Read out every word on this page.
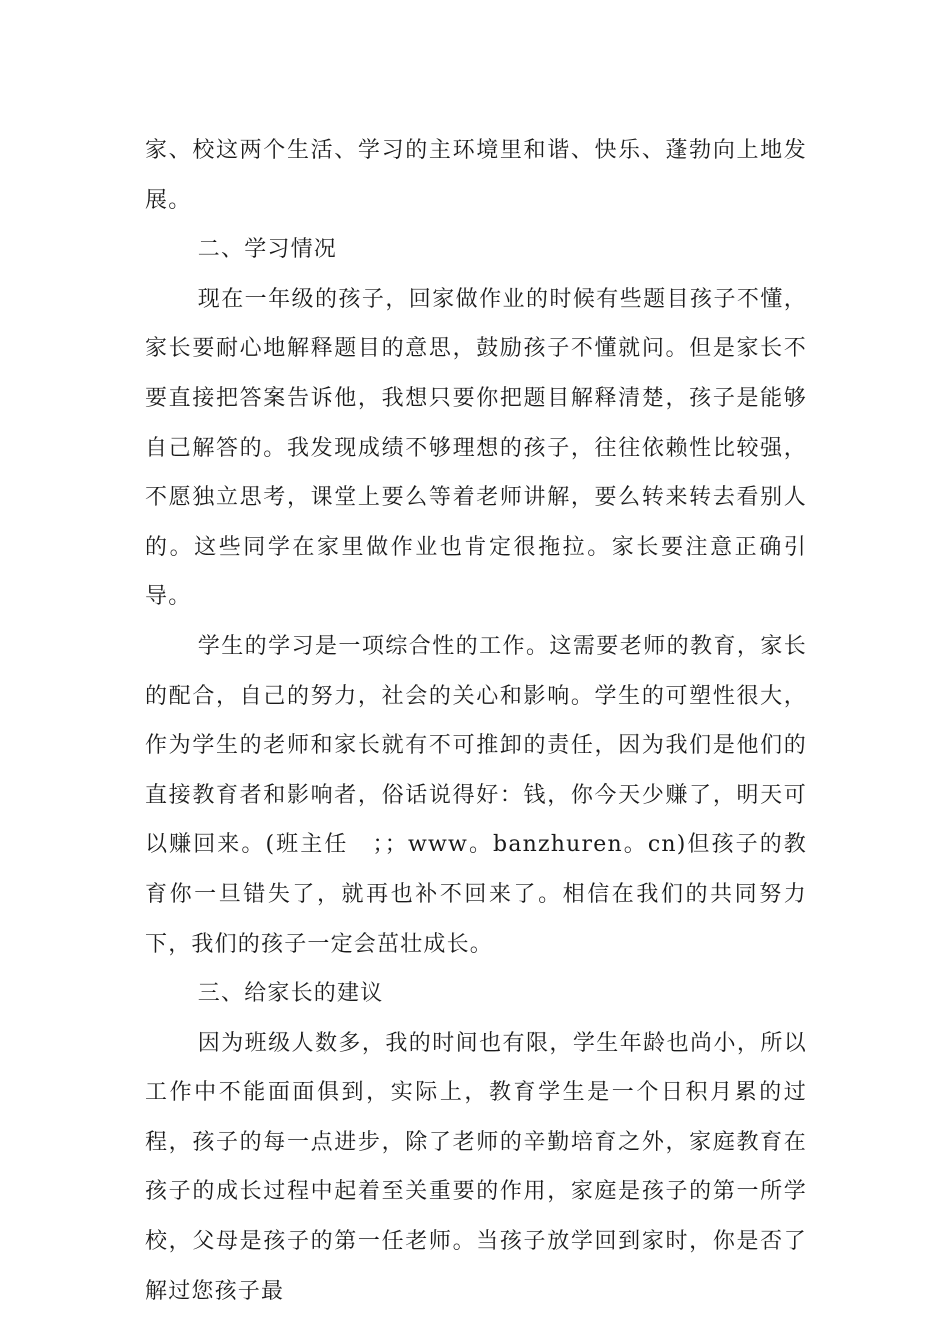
家、校这两个生活、学习的主环境里和谐、快乐、蓬勃向上地发展。

二、学习情况

现在一年级的孩子，回家做作业的时候有些题目孩子不懂，家长要耐心地解释题目的意思，鼓励孩子不懂就问。但是家长不要直接把答案告诉他，我想只要你把题目解释清楚，孩子是能够自己解答的。我发现成绩不够理想的孩子，往往依赖性比较强，不愿独立思考，课堂上要么等着老师讲解，要么转来转去看别人的。这些同学在家里做作业也肯定很拖拉。家长要注意正确引导。

学生的学习是一项综合性的工作。这需要老师的教育，家长的配合，自己的努力，社会的关心和影响。学生的可塑性很大，作为学生的老师和家长就有不可推卸的责任，因为我们是他们的直接教育者和影响者，俗话说得好：钱，你今天少赚了，明天可以赚回来。(班主任　；；www。banzhuren。cn)但孩子的教育你一旦错失了，就再也补不回来了。相信在我们的共同努力下，我们的孩子一定会茁壮成长。

三、给家长的建议

因为班级人数多，我的时间也有限，学生年龄也尚小，所以工作中不能面面俱到，实际上，教育学生是一个日积月累的过程，孩子的每一点进步，除了老师的辛勤培育之外，家庭教育在孩子的成长过程中起着至关重要的作用，家庭是孩子的第一所学校，父母是孩子的第一任老师。当孩子放学回到家时，你是否了解过您孩子最
